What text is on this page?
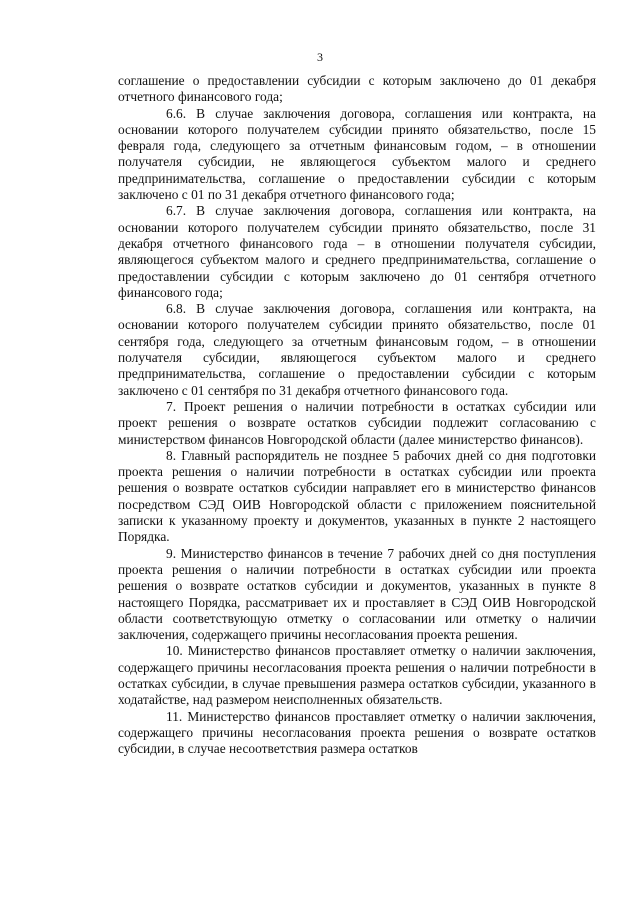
3

соглашение о предоставлении субсидии с которым заключено до 01 декабря отчетного финансового года;

6.6. В случае заключения договора, соглашения или контракта, на основании которого получателем субсидии принято обязательство, после 15 февраля года, следующего за отчетным финансовым годом, – в отношении получателя субсидии, не являющегося субъектом малого и среднего предпринимательства, соглашение о предоставлении субсидии с которым заключено с 01 по 31 декабря отчетного финансового года;

6.7. В случае заключения договора, соглашения или контракта, на основании которого получателем субсидии принято обязательство, после 31 декабря отчетного финансового года – в отношении получателя субсидии, являющегося субъектом малого и среднего предпринимательства, соглашение о предоставлении субсидии с которым заключено до 01 сентября отчетного финансового года;

6.8. В случае заключения договора, соглашения или контракта, на основании которого получателем субсидии принято обязательство, после 01 сентября года, следующего за отчетным финансовым годом, – в отношении получателя субсидии, являющегося субъектом малого и среднего предпринимательства, соглашение о предоставлении субсидии с которым заключено с 01 сентября по 31 декабря отчетного финансового года.

7. Проект решения о наличии потребности в остатках субсидии или проект решения о возврате остатков субсидии подлежит согласованию с министерством финансов Новгородской области (далее министерство финансов).

8. Главный распорядитель не позднее 5 рабочих дней со дня подготовки проекта решения о наличии потребности в остатках субсидии или проекта решения о возврате остатков субсидии направляет его в министерство финансов посредством СЭД ОИВ Новгородской области с приложением пояснительной записки к указанному проекту и документов, указанных в пункте 2 настоящего Порядка.

9. Министерство финансов в течение 7 рабочих дней со дня поступления проекта решения о наличии потребности в остатках субсидии или проекта решения о возврате остатков субсидии и документов, указанных в пункте 8 настоящего Порядка, рассматривает их и проставляет в СЭД ОИВ Новгородской области соответствующую отметку о согласовании или отметку о наличии заключения, содержащего причины несогласования проекта решения.

10. Министерство финансов проставляет отметку о наличии заключения, содержащего причины несогласования проекта решения о наличии потребности в остатках субсидии, в случае превышения размера остатков субсидии, указанного в ходатайстве, над размером неисполненных обязательств.

11. Министерство финансов проставляет отметку о наличии заключения, содержащего причины несогласования проекта решения о возврате остатков субсидии, в случае несоответствия размера остатков
